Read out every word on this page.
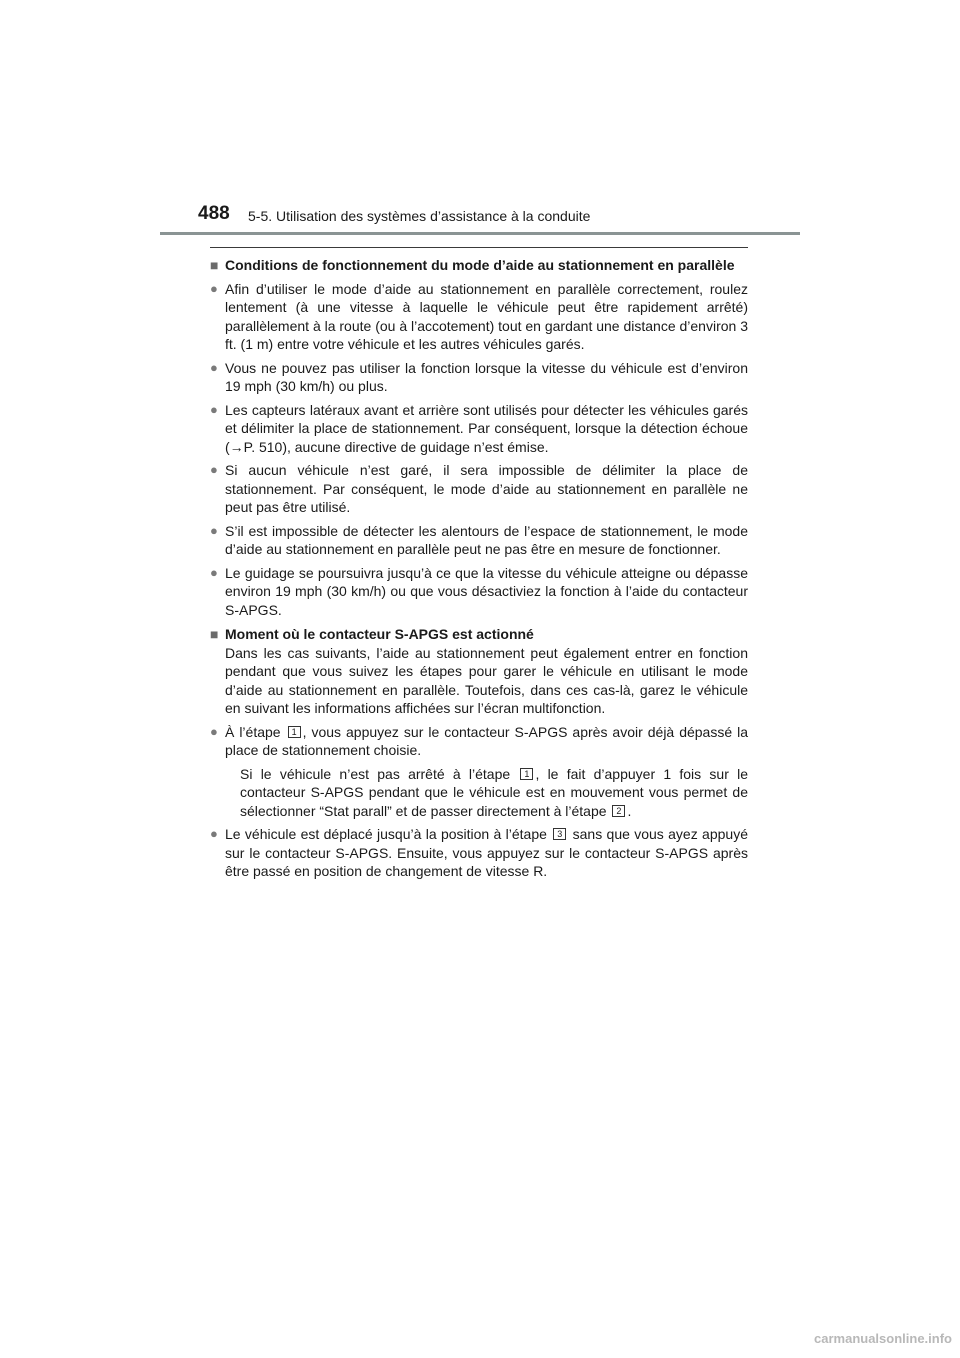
488 5-5. Utilisation des systèmes d’assistance à la conduite
■ Conditions de fonctionnement du mode d’aide au stationnement en parallèle
● Afin d’utiliser le mode d’aide au stationnement en parallèle correctement, roulez lentement (à une vitesse à laquelle le véhicule peut être rapidement arrêté) parallèlement à la route (ou à l’accotement) tout en gardant une distance d’environ 3 ft. (1 m) entre votre véhicule et les autres véhicules garés.
● Vous ne pouvez pas utiliser la fonction lorsque la vitesse du véhicule est d’environ 19 mph (30 km/h) ou plus.
● Les capteurs latéraux avant et arrière sont utilisés pour détecter les véhicules garés et délimiter la place de stationnement. Par conséquent, lorsque la détection échoue (→P. 510), aucune directive de guidage n’est émise.
● Si aucun véhicule n’est garé, il sera impossible de délimiter la place de stationnement. Par conséquent, le mode d’aide au stationnement en parallèle ne peut pas être utilisé.
● S’il est impossible de détecter les alentours de l’espace de stationnement, le mode d’aide au stationnement en parallèle peut ne pas être en mesure de fonctionner.
● Le guidage se poursuivra jusqu’à ce que la vitesse du véhicule atteigne ou dépasse environ 19 mph (30 km/h) ou que vous désactiviez la fonction à l’aide du contacteur S-APGS.
■ Moment où le contacteur S-APGS est actionné
Dans les cas suivants, l’aide au stationnement peut également entrer en fonction pendant que vous suivez les étapes pour garer le véhicule en utilisant le mode d’aide au stationnement en parallèle. Toutefois, dans ces cas-là, garez le véhicule en suivant les informations affichées sur l’écran multifonction.
● À l’étape 1 , vous appuyez sur le contacteur S-APGS après avoir déjà dépassé la place de stationnement choisie.
Si le véhicule n’est pas arrêté à l’étape 1 , le fait d’appuyer 1 fois sur le contacteur S-APGS pendant que le véhicule est en mouvement vous permet de sélectionner “Stat parall” et de passer directement à l’étape 2 .
● Le véhicule est déplacé jusqu’à la position à l’étape 3 sans que vous ayez appuyé sur le contacteur S-APGS. Ensuite, vous appuyez sur le contacteur S-APGS après être passé en position de changement de vitesse R.
carmanualsonline.info
